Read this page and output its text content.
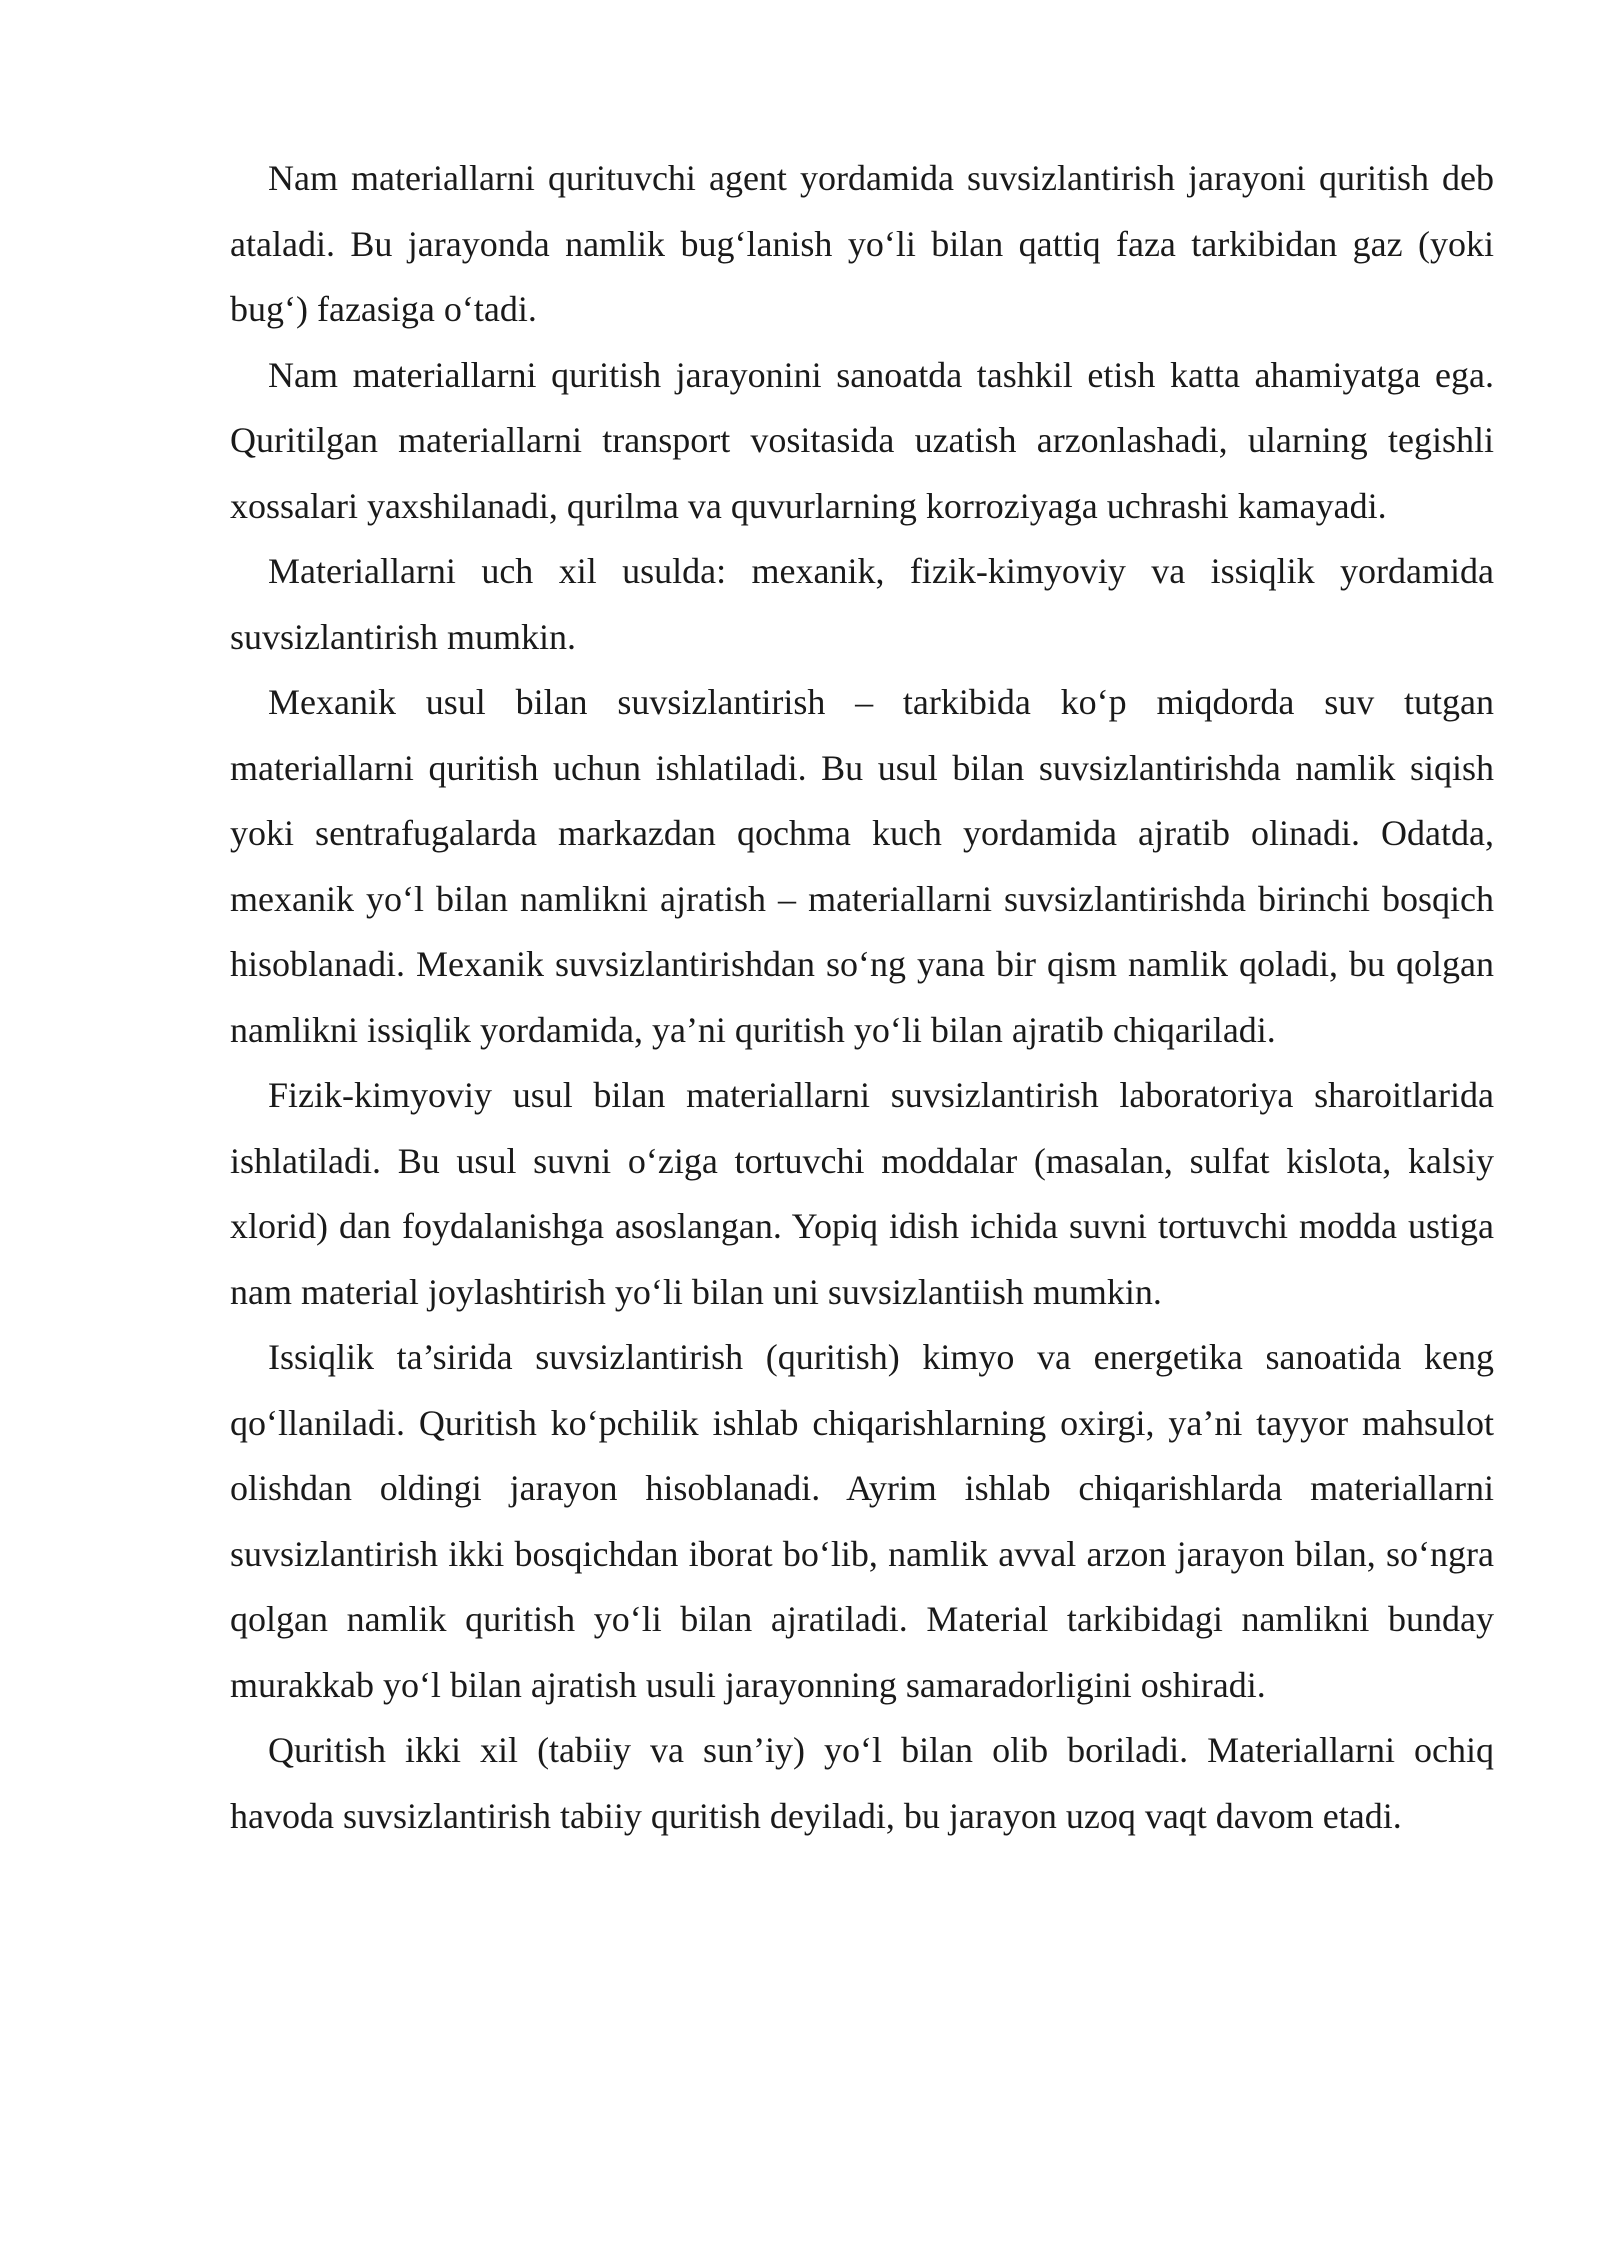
Nam materiallarni qurituvchi agent yordamida suvsizlantirish jarayoni quritish deb ataladi. Bu jarayonda namlik bug‘lanish yo‘li bilan qattiq faza tarkibidan gaz (yoki bug‘) fazasiga o‘tadi.

Nam materiallarni quritish jarayonini sanoatda tashkil etish katta ahamiyatga ega. Quritilgan materiallarni transport vositasida uzatish arzonlashadi, ularning tegishli xossalari yaxshilanadi, qurilma va quvurlarning korroziyaga uchrashi kamayadi.

Materiallarni uch xil usulda: mexanik, fizik-kimyoviy va issiqlik yordamida suvsizlantirish mumkin.

Mexanik usul bilan suvsizlantirish – tarkibida ko‘p miqdorda suv tutgan materiallarni quritish uchun ishlatiladi. Bu usul bilan suvsizlantirishda namlik siqish yoki sentrafugalarda markazdan qochma kuch yordamida ajratib olinadi. Odatda, mexanik yo‘l bilan namlikni ajratish – materiallarni suvsizlantirishda birinchi bosqich hisoblanadi. Mexanik suvsizlantirishdan so‘ng yana bir qism namlik qoladi, bu qolgan namlikni issiqlik yordamida, ya’ni quritish yo‘li bilan ajratib chiqariladi.

Fizik-kimyoviy usul bilan materiallarni suvsizlantirish laboratoriya sharoitlarida ishlatiladi. Bu usul suvni o‘ziga tortuvchi moddalar (masalan, sulfat kislota, kalsiy xlorid) dan foydalanishga asoslangan. Yopiq idish ichida suvni tortuvchi modda ustiga nam material joylashtirish yo‘li bilan uni suvsizlantiish mumkin.

Issiqlik ta’sirida suvsizlantirish (quritish) kimyo va energetika sanoatida keng qo‘llaniladi. Quritish ko‘pchilik ishlab chiqarishlarning oxirgi, ya’ni tayyor mahsulot olishdan oldingi jarayon hisoblanadi. Ayrim ishlab chiqarishlarda materiallarni suvsizlantirish ikki bosqichdan iborat bo‘lib, namlik avval arzon jarayon bilan, so‘ngra qolgan namlik quritish yo‘li bilan ajratiladi. Material tarkibidagi namlikni bunday murakkab yo‘l bilan ajratish usuli jarayonning samaradorligini oshiradi.

Quritish ikki xil (tabiiy va sun’iy) yo‘l bilan olib boriladi. Materiallarni ochiq havoda suvsizlantirish tabiiy quritish deyiladi, bu jarayon uzoq vaqt davom etadi.
